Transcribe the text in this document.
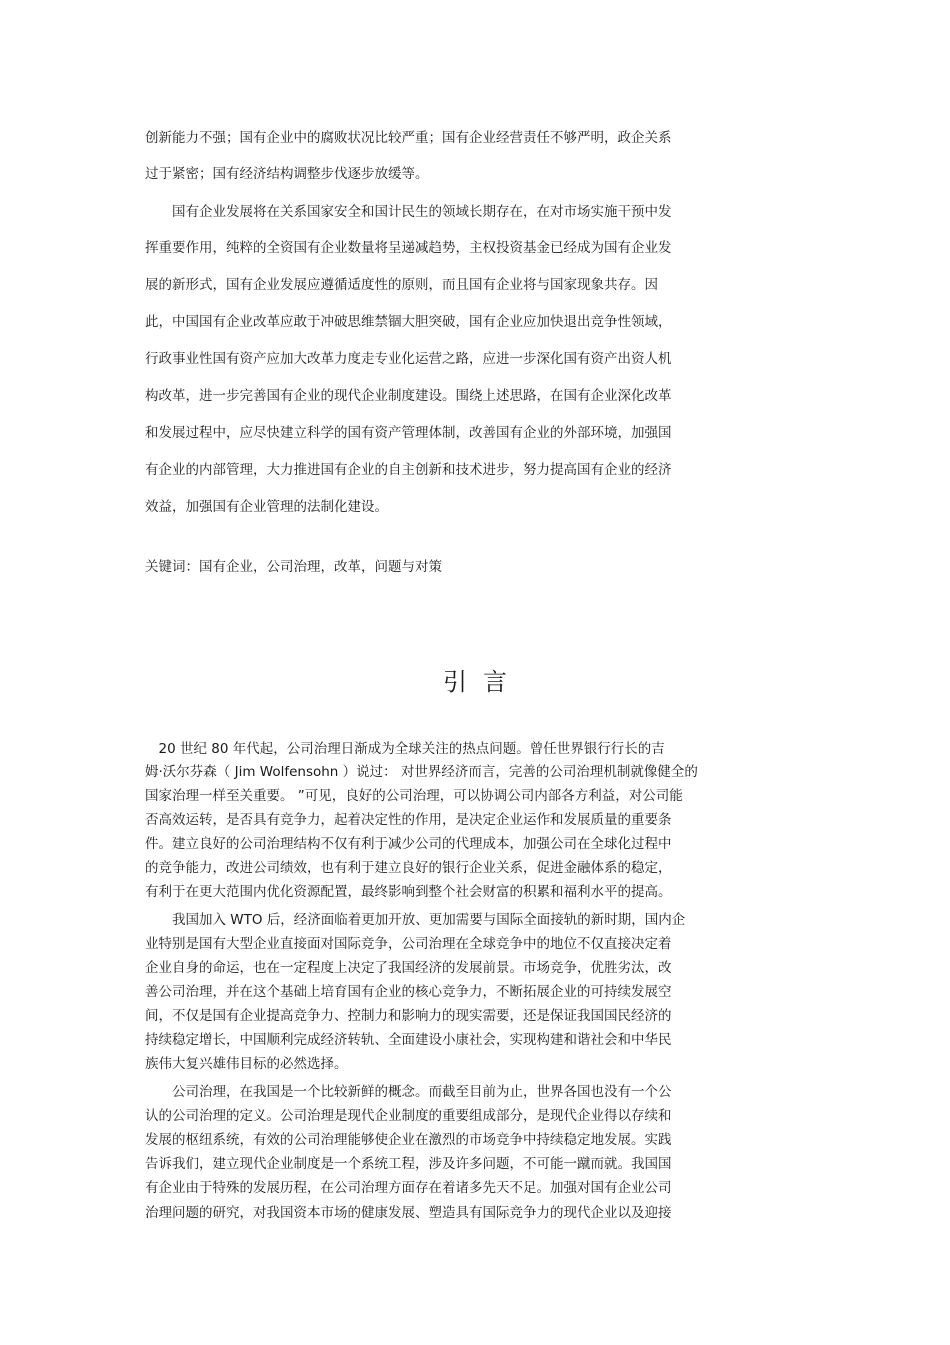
创新能力不强；国有企业中的腐败状况比较严重；国有企业经营责任不够严明，政企关系
过于紧密；国有经济结构调整步伐逐步放缓等。
　　国有企业发展将在关系国家安全和国计民生的领域长期存在，在对市场实施干预中发
挥重要作用，纯粹的全资国有企业数量将呈递减趋势，主权投资基金已经成为国有企业发
展的新形式，国有企业发展应遵循适度性的原则，而且国有企业将与国家现象共存。因
此，中国国有企业改革应敢于冲破思维禁锢大胆突破，国有企业应加快退出竞争性领域，
行政事业性国有资产应加大改革力度走专业化运营之路，应进一步深化国有资产出资人机
构改革，进一步完善国有企业的现代企业制度建设。围绕上述思路，在国有企业深化改革
和发展过程中，应尽快建立科学的国有资产管理体制，改善国有企业的外部环境，加强国
有企业的内部管理，大力推进国有企业的自主创新和技术进步，努力提高国有企业的经济
效益，加强国有企业管理的法制化建设。
关键词：国有企业，公司治理，改革，问题与对策
引言
　20 世纪 80 年代起，公司治理日渐成为全球关注的热点问题。曾任世界银行行长的吉
姆·沃尔芬森（ Jim Wolfensohn ）说过： 对世界经济而言，完善的公司治理机制就像健全的
国家治理一样至关重要。 ”可见，良好的公司治理，可以协调公司内部各方利益，对公司能
否高效运转，是否具有竞争力，起着决定性的作用，是决定企业运作和发展质量的重要条
件。建立良好的公司治理结构不仅有利于减少公司的代理成本，加强公司在全球化过程中
的竞争能力，改进公司绩效，也有利于建立良好的银行企业关系，促进金融体系的稳定，
有利于在更大范围内优化资源配置，最终影响到整个社会财富的积累和福利水平的提高。
　　我国加入 WTO 后，经济面临着更加开放、更加需要与国际全面接轨的新时期，国内企
业特别是国有大型企业直接面对国际竞争，公司治理在全球竞争中的地位不仅直接决定着
企业自身的命运，也在一定程度上决定了我国经济的发展前景。市场竞争，优胜劣汰，改
善公司治理，并在这个基础上培育国有企业的核心竞争力，不断拓展企业的可持续发展空
间，不仅是国有企业提高竞争力、控制力和影响力的现实需要，还是保证我国国民经济的
持续稳定增长，中国顺利完成经济转轨、全面建设小康社会，实现构建和谐社会和中华民
族伟大复兴雄伟目标的必然选择。
　　公司治理，在我国是一个比较新鲜的概念。而截至目前为止，世界各国也没有一个公
认的公司治理的定义。公司治理是现代企业制度的重要组成部分，是现代企业得以存续和
发展的枢纽系统，有效的公司治理能够使企业在激烈的市场竞争中持续稳定地发展。实践
告诉我们，建立现代企业制度是一个系统工程，涉及许多问题，不可能一蹴而就。我国国
有企业由于特殊的发展历程，在公司治理方面存在着诸多先天不足。加强对国有企业公司
治理问题的研究，对我国资本市场的健康发展、塑造具有国际竞争力的现代企业以及迎接
